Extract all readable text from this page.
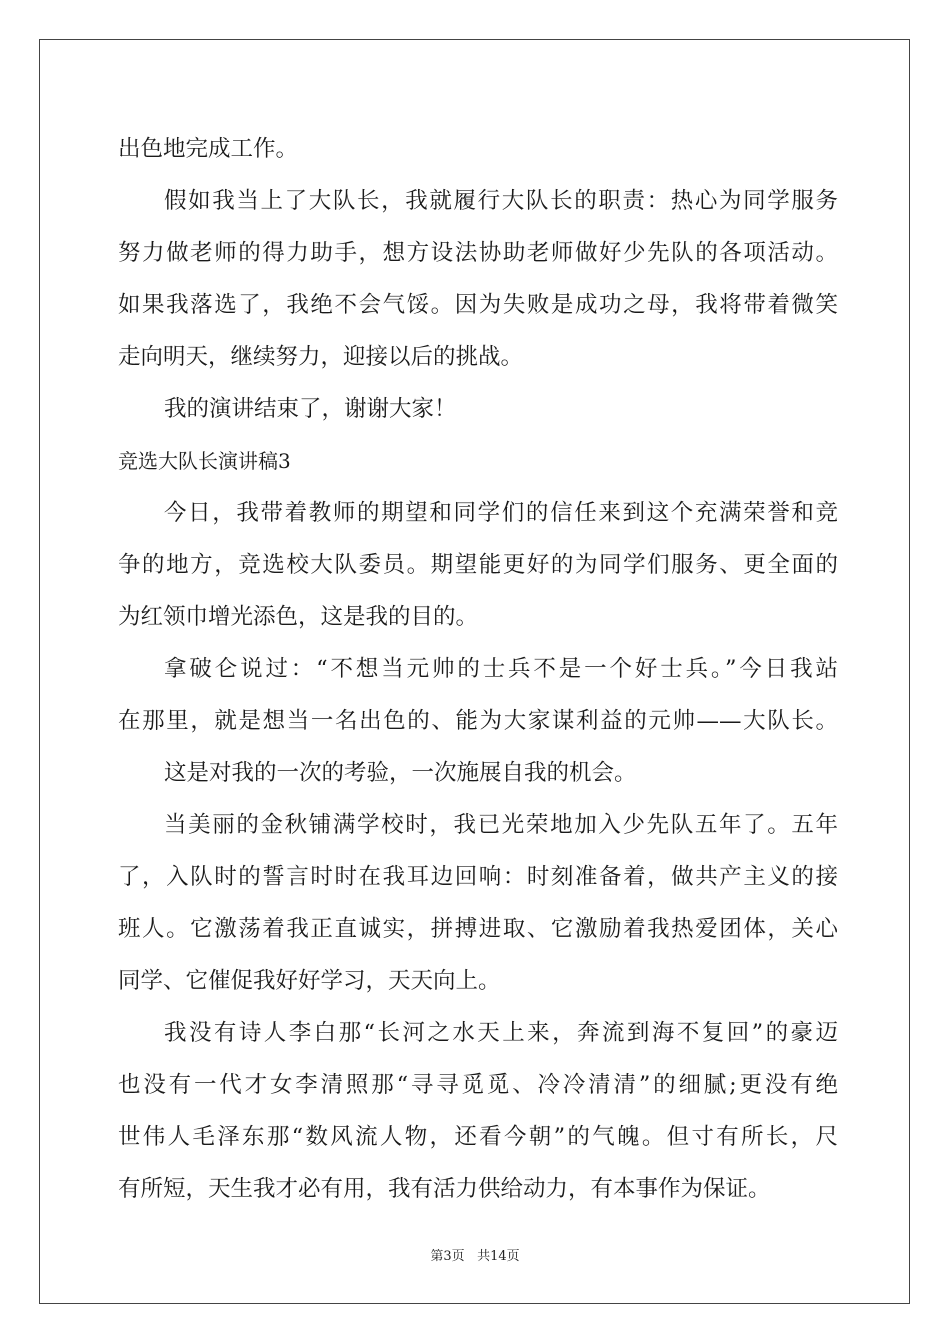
出色地完成工作。
假如我当上了大队长，我就履行大队长的职责：热心为同学服务
努力做老师的得力助手，想方设法协助老师做好少先队的各项活动。
如果我落选了，我绝不会气馁。因为失败是成功之母，我将带着微笑
走向明天，继续努力，迎接以后的挑战。
我的演讲结束了，谢谢大家！
竞选大队长演讲稿3
今日，我带着教师的期望和同学们的信任来到这个充满荣誉和竞
争的地方，竞选校大队委员。期望能更好的为同学们服务、更全面的
为红领巾增光添色，这是我的目的。
拿破仑说过：“不想当元帅的士兵不是一个好士兵。”今日我站
在那里，就是想当一名出色的、能为大家谋利益的元帅——大队长。
这是对我的一次的考验，一次施展自我的机会。
当美丽的金秋铺满学校时，我已光荣地加入少先队五年了。五年
了，入队时的誓言时时在我耳边回响：时刻准备着，做共产主义的接
班人。它激荡着我正直诚实，拼搏进取、它激励着我热爱团体，关心
同学、它催促我好好学习，天天向上。
我没有诗人李白那“长河之水天上来，奔流到海不复回”的豪迈
也没有一代才女李清照那“寻寻觅觅、冷冷清清”的细腻;更没有绝
世伟人毛泽东那“数风流人物，还看今朝”的气魄。但寸有所长，尺
有所短，天生我才必有用，我有活力供给动力，有本事作为保证。
第3页 共14页
